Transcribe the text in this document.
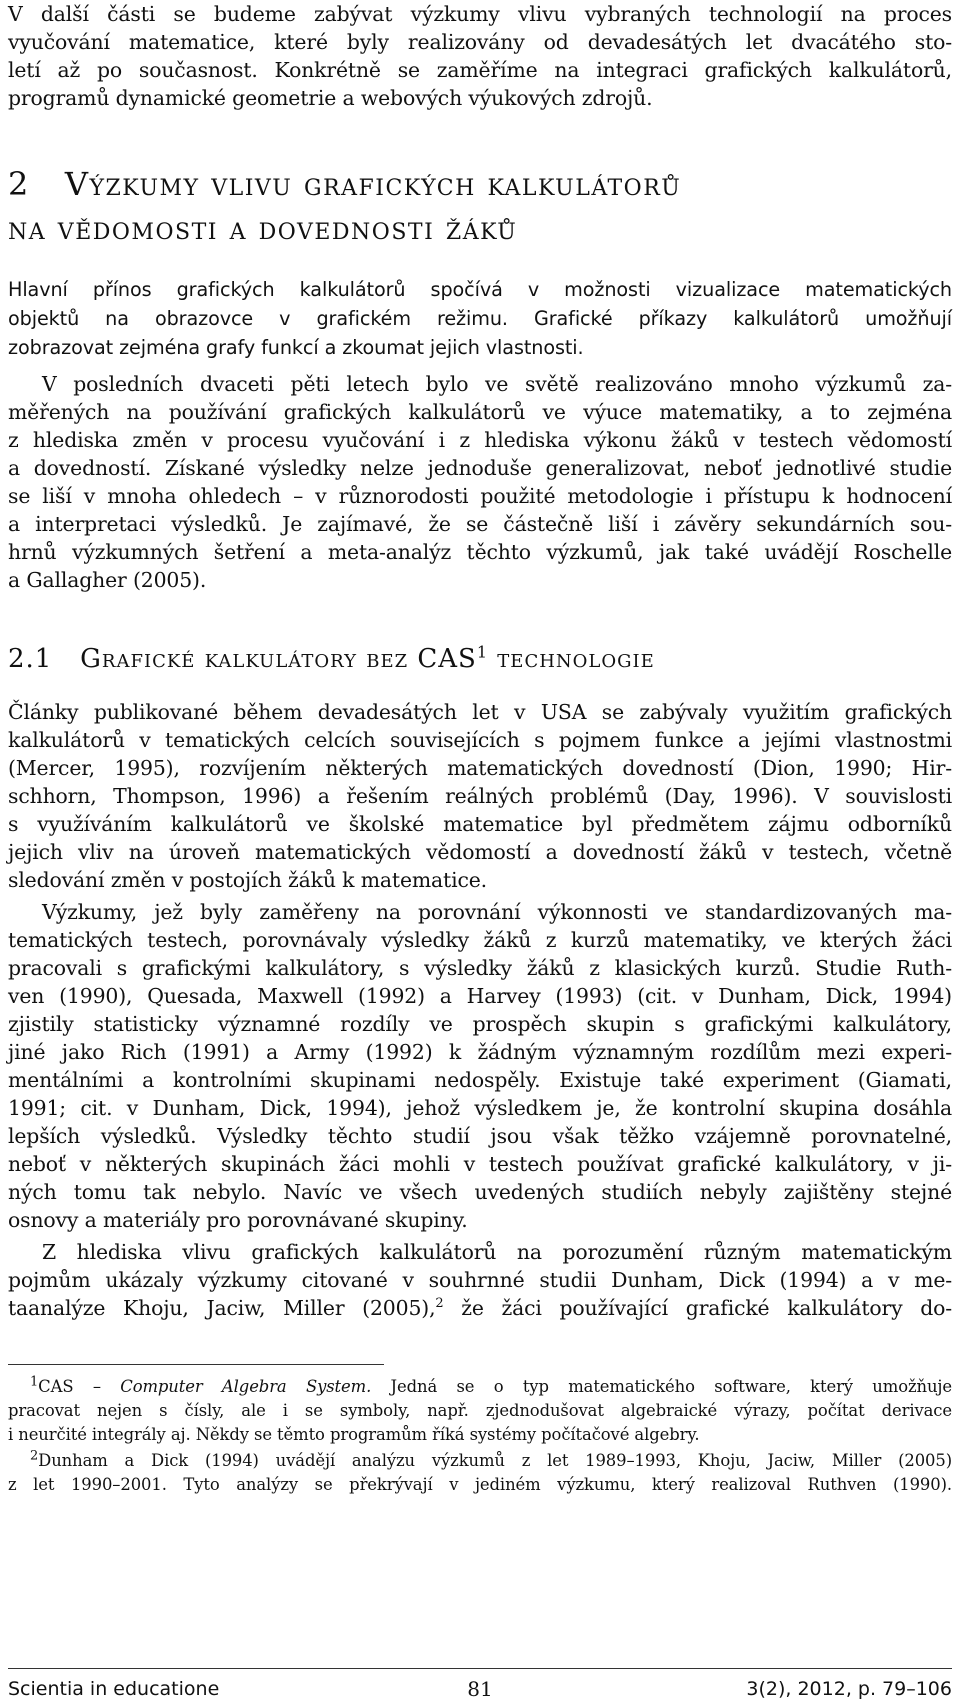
V další části se budeme zabývat výzkumy vlivu vybraných technologií na proces

vyučování matematice, které byly realizovány od devadesátých let dvacátého sto-

letí až po současnost. Konkrétně se zaměříme na integraci grafických kalkulátorů,

programů dynamické geometrie a webových výukových zdrojů.

2 Výzkumy vlivu grafických kalkulátorů
na vědomosti a dovednosti žáků

Hlavní přínos grafických kalkulátorů spočívá v možnosti vizualizace matematických

objektů na obrazovce v grafickém režimu. Grafické příkazy kalkulátorů umožňují

zobrazovat zejména grafy funkcí a zkoumat jejich vlastnosti.

V posledních dvaceti pěti letech bylo ve světě realizováno mnoho výzkumů za-

měřených na používání grafických kalkulátorů ve výuce matematiky, a to zejména

z hlediska změn v procesu vyučování i z hlediska výkonu žáků v testech vědomostí

a dovedností. Získané výsledky nelze jednoduše generalizovat, neboť jednotlivé studie

se liší v mnoha ohledech – v různorodosti použité metodologie i přístupu k hodnocení

a interpretaci výsledků. Je zajímavé, že se částečně liší i závěry sekundárních sou-

hrnů výzkumných šetření a meta-analýz těchto výzkumů, jak také uvádějí Roschelle

a Gallagher (2005).

2.1 Grafické kalkulátory bez CAS$^1$ technologie

Články publikované během devadesátých let v USA se zabývaly využitím grafických

kalkulátorů v tematických celcích souvisejících s pojmem funkce a jejími vlastnostmi

(Mercer, 1995), rozvíjením některých matematických dovedností (Dion, 1990; Hir-

schhorn, Thompson, 1996) a řešením reálných problémů (Day, 1996). V souvislosti

s využíváním kalkulátorů ve školské matematice byl předmětem zájmu odborníků

jejich vliv na úroveň matematických vědomostí a dovedností žáků v testech, včetně

sledování změn v postojích žáků k matematice.

Výzkumy, jež byly zaměřeny na porovnání výkonnosti ve standardizovaných ma-

tematických testech, porovnávaly výsledky žáků z kurzů matematiky, ve kterých žáci

pracovali s grafickými kalkulátory, s výsledky žáků z klasických kurzů. Studie Ruth-

ven (1990), Quesada, Maxwell (1992) a Harvey (1993) (cit. v Dunham, Dick, 1994)

zjistily statisticky významné rozdíly ve prospěch skupin s grafickými kalkulátory,

jiné jako Rich (1991) a Army (1992) k žádným významným rozdílům mezi experi-

mentálními a kontrolními skupinami nedospěly. Existuje také experiment (Giamati,

1991; cit. v Dunham, Dick, 1994), jehož výsledkem je, že kontrolní skupina dosáhla

lepších výsledků. Výsledky těchto studií jsou však těžko vzájemně porovnatelné,

neboť v některých skupinách žáci mohli v testech používat grafické kalkulátory, v ji-

ných tomu tak nebylo. Navíc ve všech uvedených studiích nebyly zajištěny stejné

osnovy a materiály pro porovnávané skupiny.

Z hlediska vlivu grafických kalkulátorů na porozumění různým matematickým

pojmům ukázaly výzkumy citované v souhrnné studii Dunham, Dick (1994) a v me-

taanalýze Khoju, Jaciw, Miller (2005),$^2$ že žáci používající grafické kalkulátory do-

$^1$CAS – Computer Algebra System. Jedná se o typ matematického software, který umožňuje

pracovat nejen s čísly, ale i se symboly, např. zjednodušovat algebraické výrazy, počítat derivace

i neurčité integrály aj. Někdy se těmto programům říká systémy počítačové algebry.

$^2$Dunham a Dick (1994) uvádějí analýzu výzkumů z let 1989–1993, Khoju, Jaciw, Miller (2005)

z let 1990–2001. Tyto analýzy se překrývají v jediném výzkumu, který realizoval Ruthven (1990).

Scientia in educatione	81	3(2), 2012, p. 79–106
